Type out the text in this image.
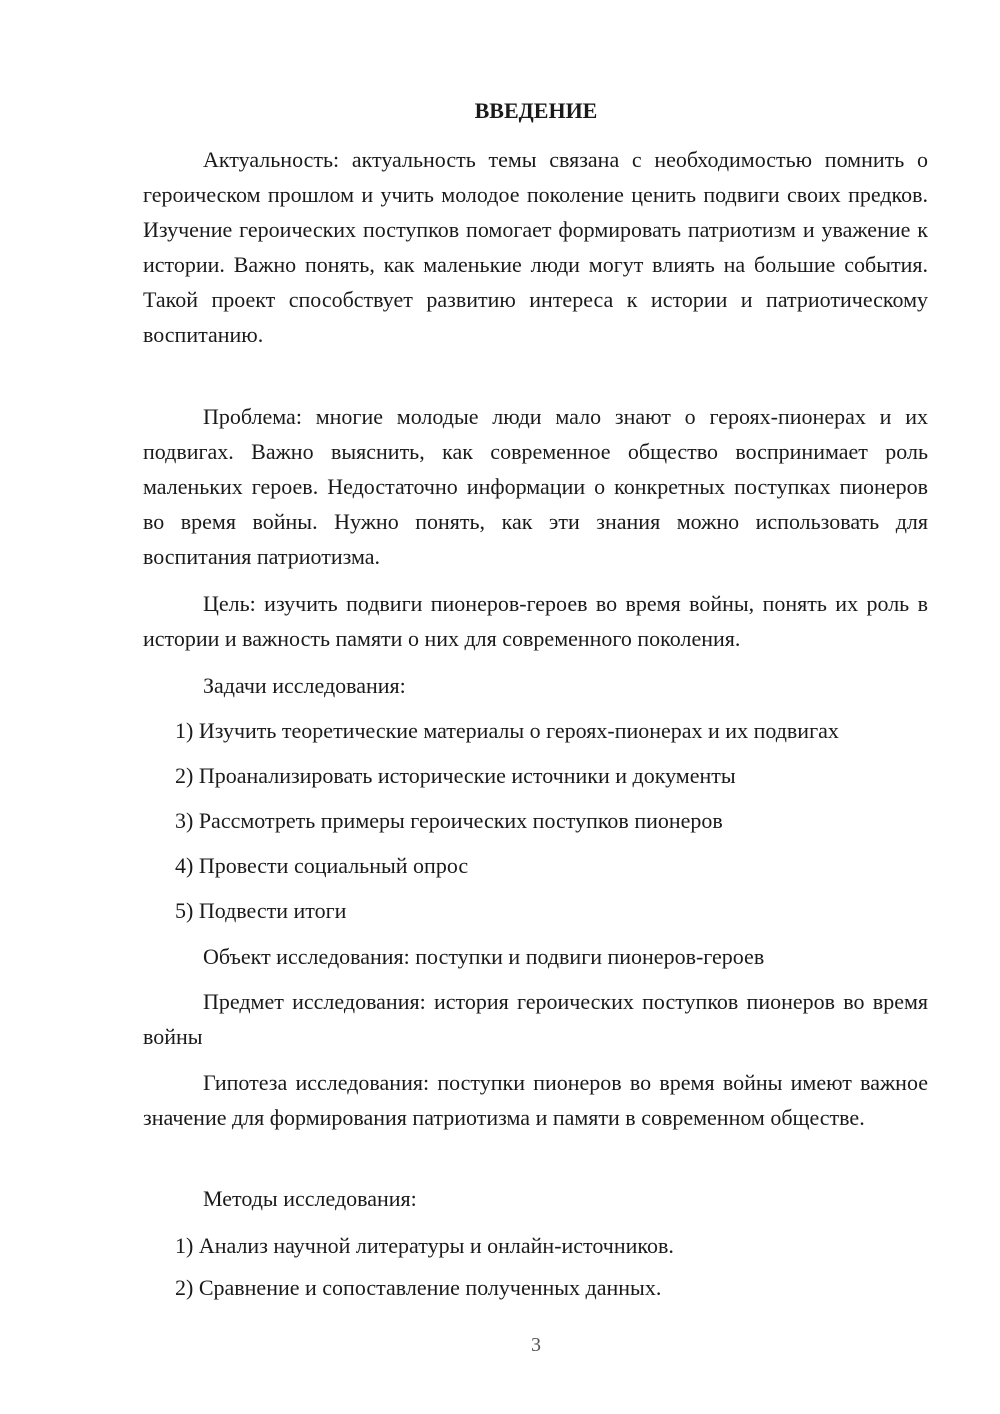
ВВЕДЕНИЕ

Актуальность: актуальность темы связана с необходимостью помнить о героическом прошлом и учить молодое поколение ценить подвиги своих предков. Изучение героических поступков помогает формировать патриотизм и уважение к истории. Важно понять, как маленькие люди могут влиять на большие события. Такой проект способствует развитию интереса к истории и патриотическому воспитанию.

Проблема: многие молодые люди мало знают о героях-пионерах и их подвигах. Важно выяснить, как современное общество воспринимает роль маленьких героев. Недостаточно информации о конкретных поступках пионеров во время войны. Нужно понять, как эти знания можно использовать для воспитания патриотизма.

Цель: изучить подвиги пионеров-героев во время войны, понять их роль в истории и важность памяти о них для современного поколения.

Задачи исследования:

1) Изучить теоретические материалы о героях-пионерах и их подвигах

2) Проанализировать исторические источники и документы

3) Рассмотреть примеры героических поступков пионеров

4) Провести социальный опрос

5) Подвести итоги

Объект исследования: поступки и подвиги пионеров-героев

Предмет исследования: история героических поступков пионеров во время войны

Гипотеза исследования: поступки пионеров во время войны имеют важное значение для формирования патриотизма и памяти в современном обществе.

Методы исследования:

1) Анализ научной литературы и онлайн-источников.

2) Сравнение и сопоставление полученных данных.

3
